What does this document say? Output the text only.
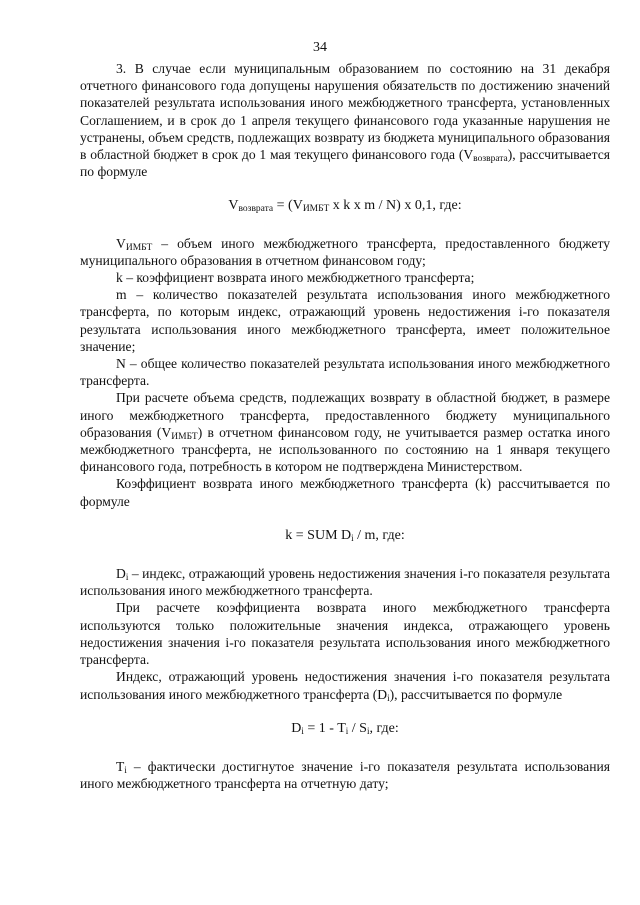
34

3. В случае если муниципальным образованием по состоянию на 31 декабря отчетного финансового года допущены нарушения обязательств по достижению значений показателей результата использования иного межбюджетного трансферта, установленных Соглашением, и в срок до 1 апреля текущего финансового года указанные нарушения не устранены, объем средств, подлежащих возврату из бюджета муниципального образования в областной бюджет в срок до 1 мая текущего финансового года $(V_{возврата})$, рассчитывается по формуле

$V_{возврата} = (V_{ИМБТ}$ x k x m / N) x 0,1, где:

$V_{ИМБТ}$ – объем иного межбюджетного трансферта, предоставленного бюджету муниципального образования в отчетном финансовом году;

k – коэффициент возврата иного межбюджетного трансферта;

m – количество показателей результата использования иного межбюджетного трансферта, по которым индекс, отражающий уровень недостижения i-го показателя результата использования иного межбюджетного трансферта, имеет положительное значение;

N – общее количество показателей результата использования иного межбюджетного трансферта.

При расчете объема средств, подлежащих возврату в областной бюджет, в размере иного межбюджетного трансферта, предоставленного бюджету муниципального образования $(V_{ИМБТ})$ в отчетном финансовом году, не учитывается размер остатка иного межбюджетного трансферта, не использованного по состоянию на 1 января текущего финансового года, потребность в котором не подтверждена Министерством.

Коэффициент возврата иного межбюджетного трансферта (k) рассчитывается по формуле

k = SUM $D_i$ / m, где:

$D_i$ – индекс, отражающий уровень недостижения значения i-го показателя результата использования иного межбюджетного трансферта.

При расчете коэффициента возврата иного межбюджетного трансферта используются только положительные значения индекса, отражающего уровень недостижения значения i-го показателя результата использования иного межбюджетного трансферта.

Индекс, отражающий уровень недостижения значения i-го показателя результата использования иного межбюджетного трансферта $(D_i)$, рассчитывается по формуле

$D_i = 1 - T_i / S_i$, где:

$T_i$ – фактически достигнутое значение i-го показателя результата использования иного межбюджетного трансферта на отчетную дату;
